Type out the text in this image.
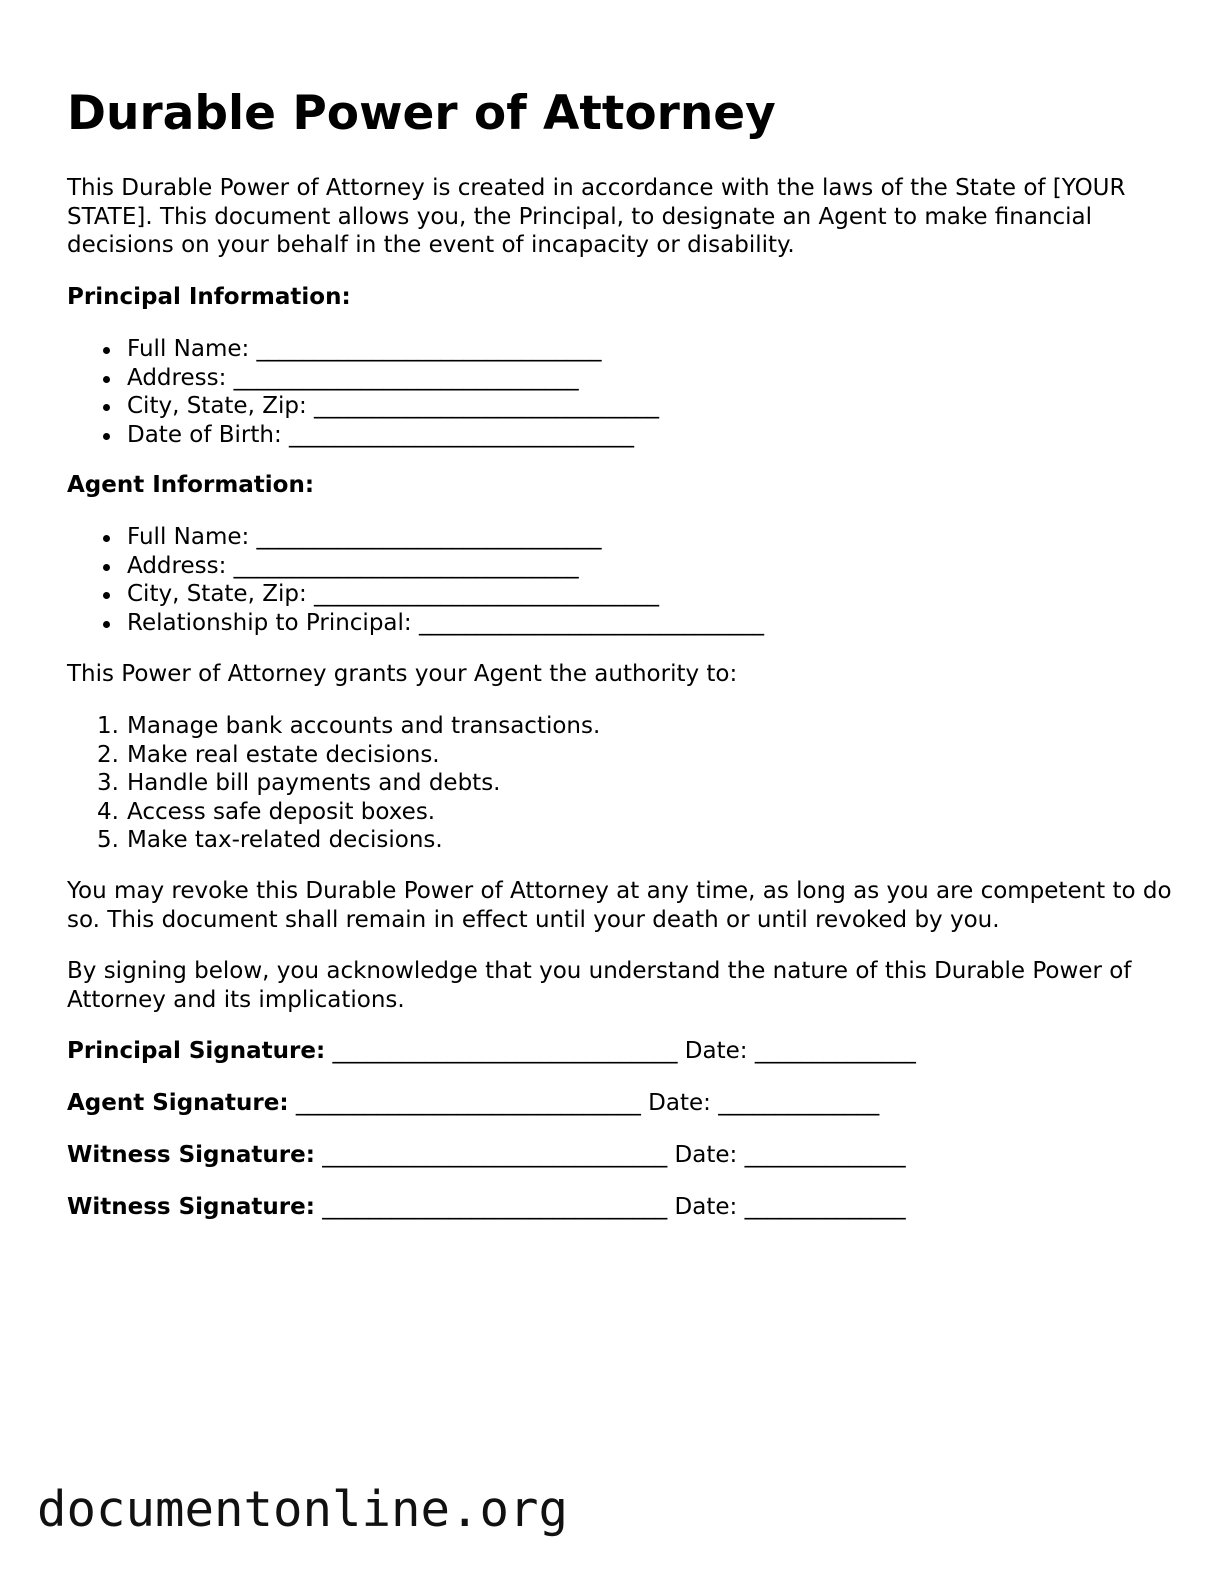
Durable Power of Attorney

This Durable Power of Attorney is created in accordance with the laws of the State of [YOUR STATE]. This document allows you, the Principal, to designate an Agent to make financial decisions on your behalf in the event of incapacity or disability.

Principal Information:

Full Name: ______________________________
Address: ______________________________
City, State, Zip: ______________________________
Date of Birth: ______________________________

Agent Information:

Full Name: ______________________________
Address: ______________________________
City, State, Zip: ______________________________
Relationship to Principal: ______________________________

This Power of Attorney grants your Agent the authority to:

1. Manage bank accounts and transactions.
2. Make real estate decisions.
3. Handle bill payments and debts.
4. Access safe deposit boxes.
5. Make tax-related decisions.

You may revoke this Durable Power of Attorney at any time, as long as you are competent to do so. This document shall remain in effect until your death or until revoked by you.

By signing below, you acknowledge that you understand the nature of this Durable Power of Attorney and its implications.

Principal Signature: ______________________________ Date: ______________

Agent Signature: ______________________________ Date: ______________

Witness Signature: ______________________________ Date: ______________

Witness Signature: ______________________________ Date: ______________

documentonline.org
